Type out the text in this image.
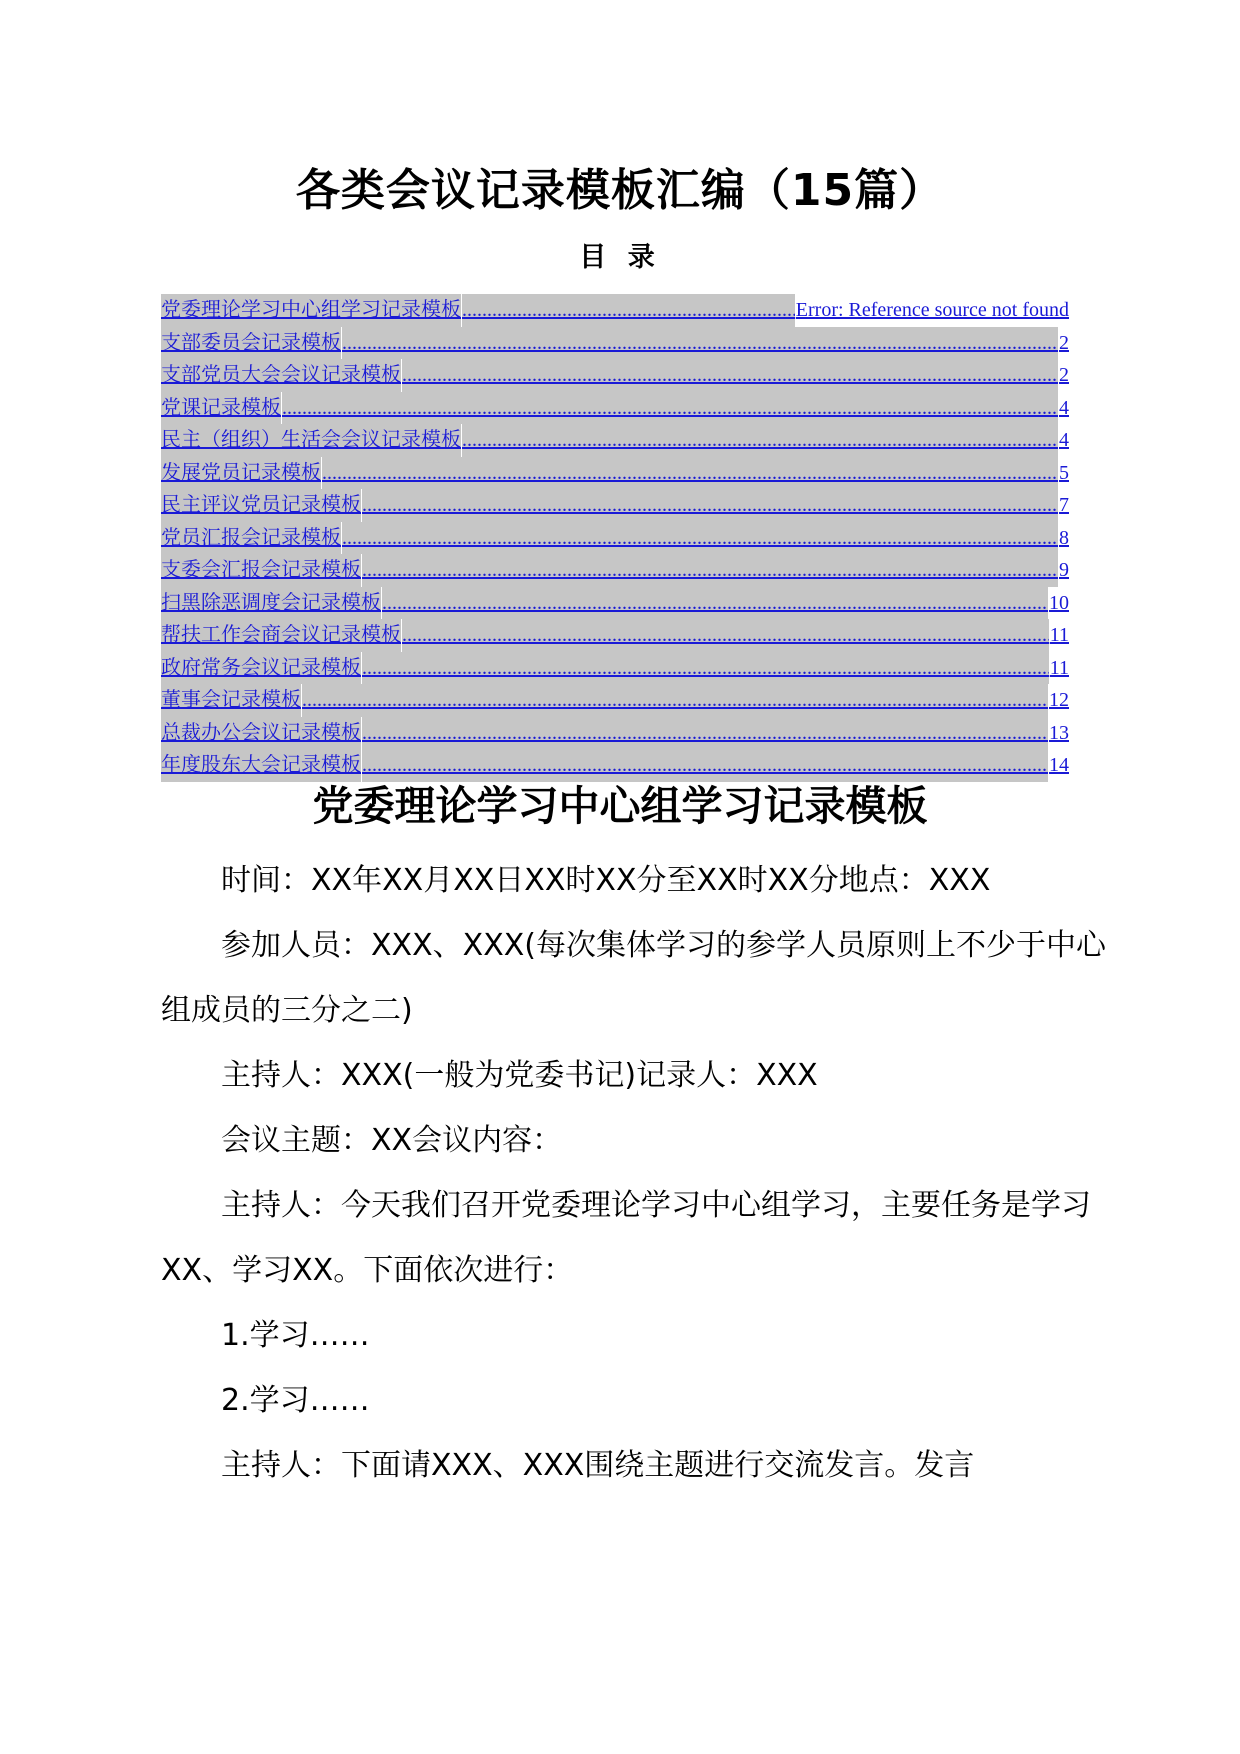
各类会议记录模板汇编（15篇）
目 录
党委理论学习中心组学习记录模板 .....	Error: Reference source not found
支部委员会记录模板 .....	2
支部党员大会会议记录模板 .....	2
党课记录模板 .....	4
民主（组织）生活会会议记录模板 .....	4
发展党员记录模板 .....	5
民主评议党员记录模板 .....	7
党员汇报会记录模板 .....	8
支委会汇报会记录模板 .....	9
扫黑除恶调度会记录模板 .....	10
帮扶工作会商会议记录模板 .....	11
政府常务会议记录模板 .....	11
董事会记录模板 .....	12
总裁办公会议记录模板 .....	13
年度股东大会记录模板 .....	14
党委理论学习中心组学习记录模板

时间：XX年XX月XX日XX时XX分至XX时XX分地点：XXX

参加人员：XXX、XXX(每次集体学习的参学人员原则上不少于中心组成员的三分之二)

主持人：XXX(一般为党委书记)记录人：XXX

会议主题：XX会议内容：

主持人：今天我们召开党委理论学习中心组学习，主要任务是学习XX、学习XX。下面依次进行：

1.学习……

2.学习……

主持人：下面请XXX、XXX围绕主题进行交流发言。发言
